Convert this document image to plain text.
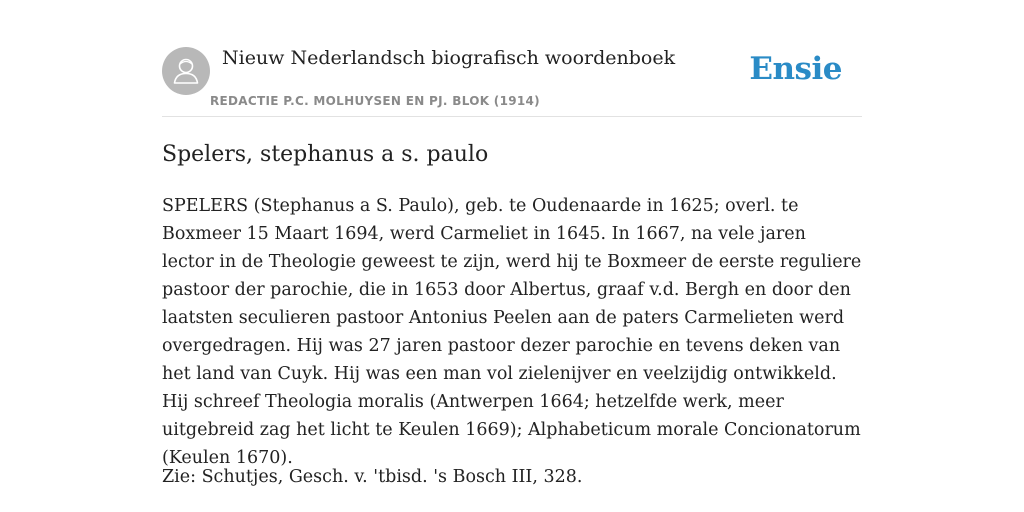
Nieuw Nederlandsch biografisch woordenboek
REDACTIE P.C. MOLHUYSEN EN PJ. BLOK (1914)
Ensie
Spelers, stephanus a s. paulo

SPELERS (Stephanus a S. Paulo), geb. te Oudenaarde in 1625; overl. te Boxmeer 15 Maart 1694, werd Carmeliet in 1645. In 1667, na vele jaren lector in de Theologie geweest te zijn, werd hij te Boxmeer de eerste reguliere pastoor der parochie, die in 1653 door Albertus, graaf v.d. Bergh en door den laatsten seculieren pastoor Antonius Peelen aan de paters Carmelieten werd overgedragen. Hij was 27 jaren pastoor dezer parochie en tevens deken van het land van Cuyk. Hij was een man vol zielenijver en veelzijdig ontwikkeld. Hij schreef Theologia moralis (Antwerpen 1664; hetzelfde werk, meer uitgebreid zag het licht te Keulen 1669); Alphabeticum morale Concionatorum (Keulen 1670).

Zie: Schutjes, Gesch. v. 'tbisd. 's Bosch III, 328.
